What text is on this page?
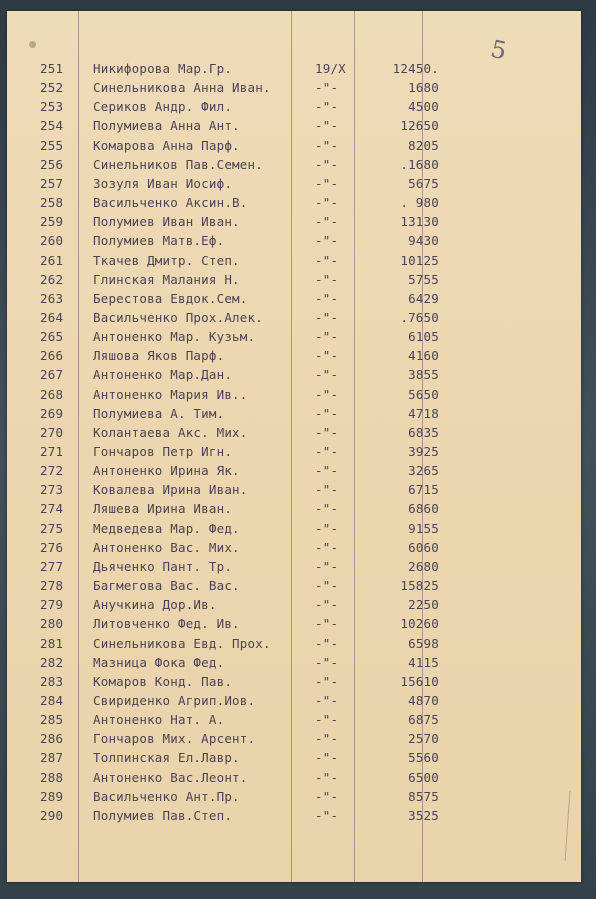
5
251 Никифорова Мар.Гр.	19/X	12450.
252 Синельникова Анна Иван.	-"-	1680
253 Сериков Андр. Фил.	-"-	4500
254 Полумиева Анна Ант.	-"-	12650
255 Комарова Анна Парф.	-"-	8205
256 Синельников Пав.Семен.	-"-	.1680
257 Зозуля Иван Иосиф.	-"-	5675
258 Васильченко Аксин.В.	-"-	. 980
259 Полумиев Иван Иван.	-"-	13130
260 Полумиев Матв.Еф.	-"-	9430
261 Ткачев Дмитр. Степ.	-"-	10125
262 Глинская Малания Н.	-"-	5755
263 Берестова Евдок.Сем.	-"-	6429
264 Васильченко Прох.Алек.	-"-	.7650
265 Антоненко Мар. Кузьм.	-"-	6105
266 Ляшова Яков Парф.	-"-	4160
267 Антоненко Мар.Дан.	-"-	3855
268 Антоненко Мария Ив..	-"-	5650
269 Полумиева А. Тим.	-"-	4718
270 Колантаева Акс. Мих.	-"-	6835
271 Гончаров Петр Игн.	-"-	3925
272 Антоненко Ирина Як.	-"-	3265
273 Ковалева Ирина Иван.	-"-	6715
274 Ляшева Ирина Иван.	-"-	6860
275 Медведева Мар. Фед.	-"-	9155
276 Антоненко Вас. Мих.	-"-	6060
277 Дьяченко Пант. Тр.	-"-	2680
278 Багмегова Вас. Вас.	-"-	15825
279 Анучкина Дор.Ив.	-"-	2250
280 Литовченко Фед. Ив.	-"-	10260
281 Синельникова Евд. Прох.	-"-	6598
282 Мазница Фока Фед.	-"-	4115
283 Комаров Конд. Пав.	-"-	15610
284 Свириденко Агрип.Иов.	-"-	4870
285 Антоненко Нат. А.	-"-	6875
286 Гончаров Мих. Арсент.	-"-	2570
287 Толпинская Ел.Лавр.	-"-	5560
288 Антоненко Вас.Леонт.	-"-	6500
289 Васильченко Ант.Пр.	-"-	8575
290 Полумиев Пав.Степ.	-"-	3525
